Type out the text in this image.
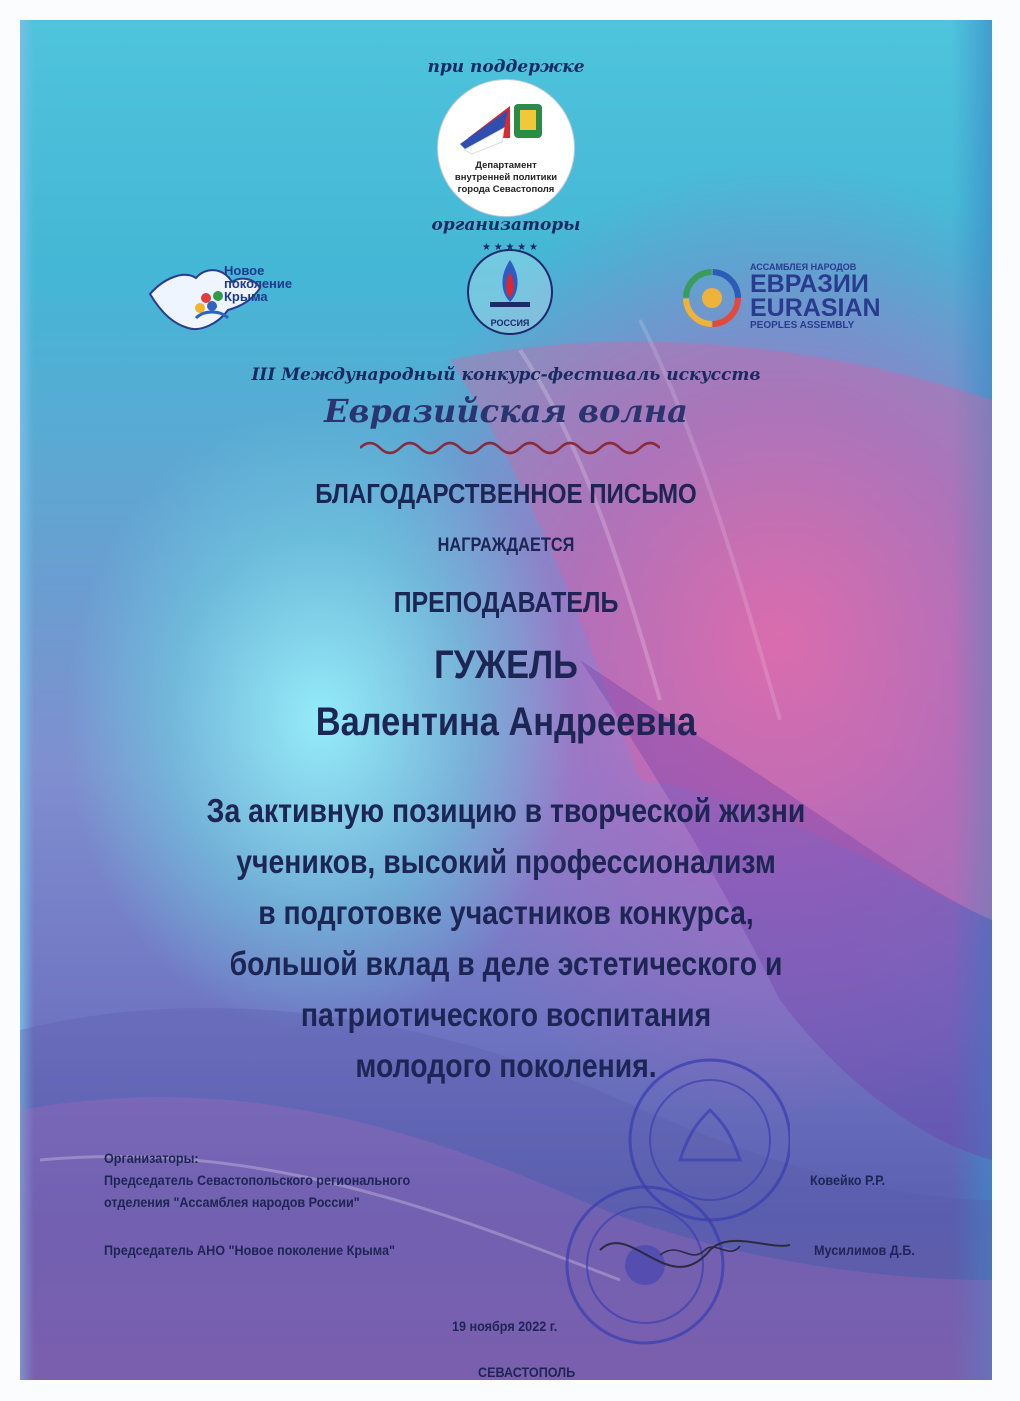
при поддержке
Департамент
внутренней политики
города Севастополя
организаторы
Новое
поколение
Крыма
★ ★ ★ ★ ★
РОССИЯ
АССАМБЛЕЯ НАРОДОВ
ЕВРАЗИИ
EURASIAN
PEOPLES ASSEMBLY
III Международный конкурс-фестиваль искусств
Евразийская волна
БЛАГОДАРСТВЕННОЕ ПИСЬМО
НАГРАЖДАЕТСЯ
ПРЕПОДАВАТЕЛЬ
ГУЖЕЛЬ
Валентина Андреевна
За активную позицию в творческой жизни
учеников, высокий профессионализм
в подготовке участников конкурса,
большой вклад в деле эстетического и
патриотического воспитания
молодого поколения.
Организаторы:
Председатель Севастопольского регионального
отделения "Ассамблея народов России"
Ковейко Р.Р.
Председатель АНО "Новое поколение Крыма"	Мусилимов Д.Б.
19 ноября 2022 г.
СЕВАСТОПОЛЬ
